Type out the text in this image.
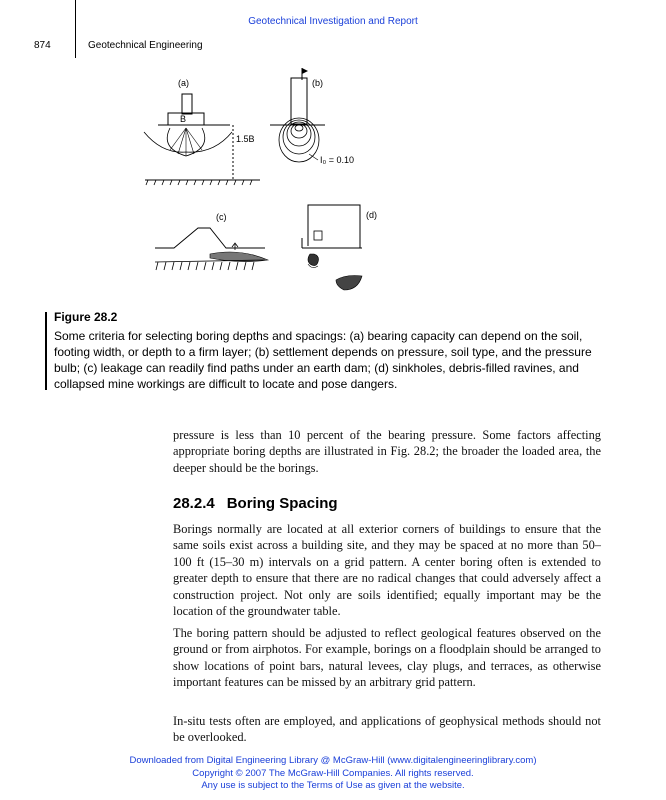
Geotechnical Investigation and Report
874	Geotechnical Engineering
(a)
B
1.5B
(b)
I₀ = 0.10
(c)	(d)
Figure 28.2
Some criteria for selecting boring depths and spacings: (a) bearing capacity can depend on the soil, footing width, or depth to a firm layer; (b) settlement depends on pressure, soil type, and the pressure bulb; (c) leakage can readily find paths under an earth dam; (d) sinkholes, debris-filled ravines, and collapsed mine workings are difficult to locate and pose dangers.
pressure is less than 10 percent of the bearing pressure. Some factors affecting appropriate boring depths are illustrated in Fig. 28.2; the broader the loaded area, the deeper should be the borings.
28.2.4 Boring Spacing
Borings normally are located at all exterior corners of buildings to ensure that the same soils exist across a building site, and they may be spaced at no more than 50–100 ft (15–30 m) intervals on a grid pattern. A center boring often is extended to greater depth to ensure that there are no radical changes that could adversely affect a construction project. Not only are soils identified; equally important may be the location of the groundwater table.
The boring pattern should be adjusted to reflect geological features observed on the ground or from airphotos. For example, borings on a floodplain should be arranged to show locations of point bars, natural levees, clay plugs, and terraces, as otherwise important features can be missed by an arbitrary grid pattern.
In-situ tests often are employed, and applications of geophysical methods should not be overlooked.
Downloaded from Digital Engineering Library @ McGraw-Hill (www.digitalengineeringlibrary.com)
Copyright © 2007 The McGraw-Hill Companies. All rights reserved.
Any use is subject to the Terms of Use as given at the website.
